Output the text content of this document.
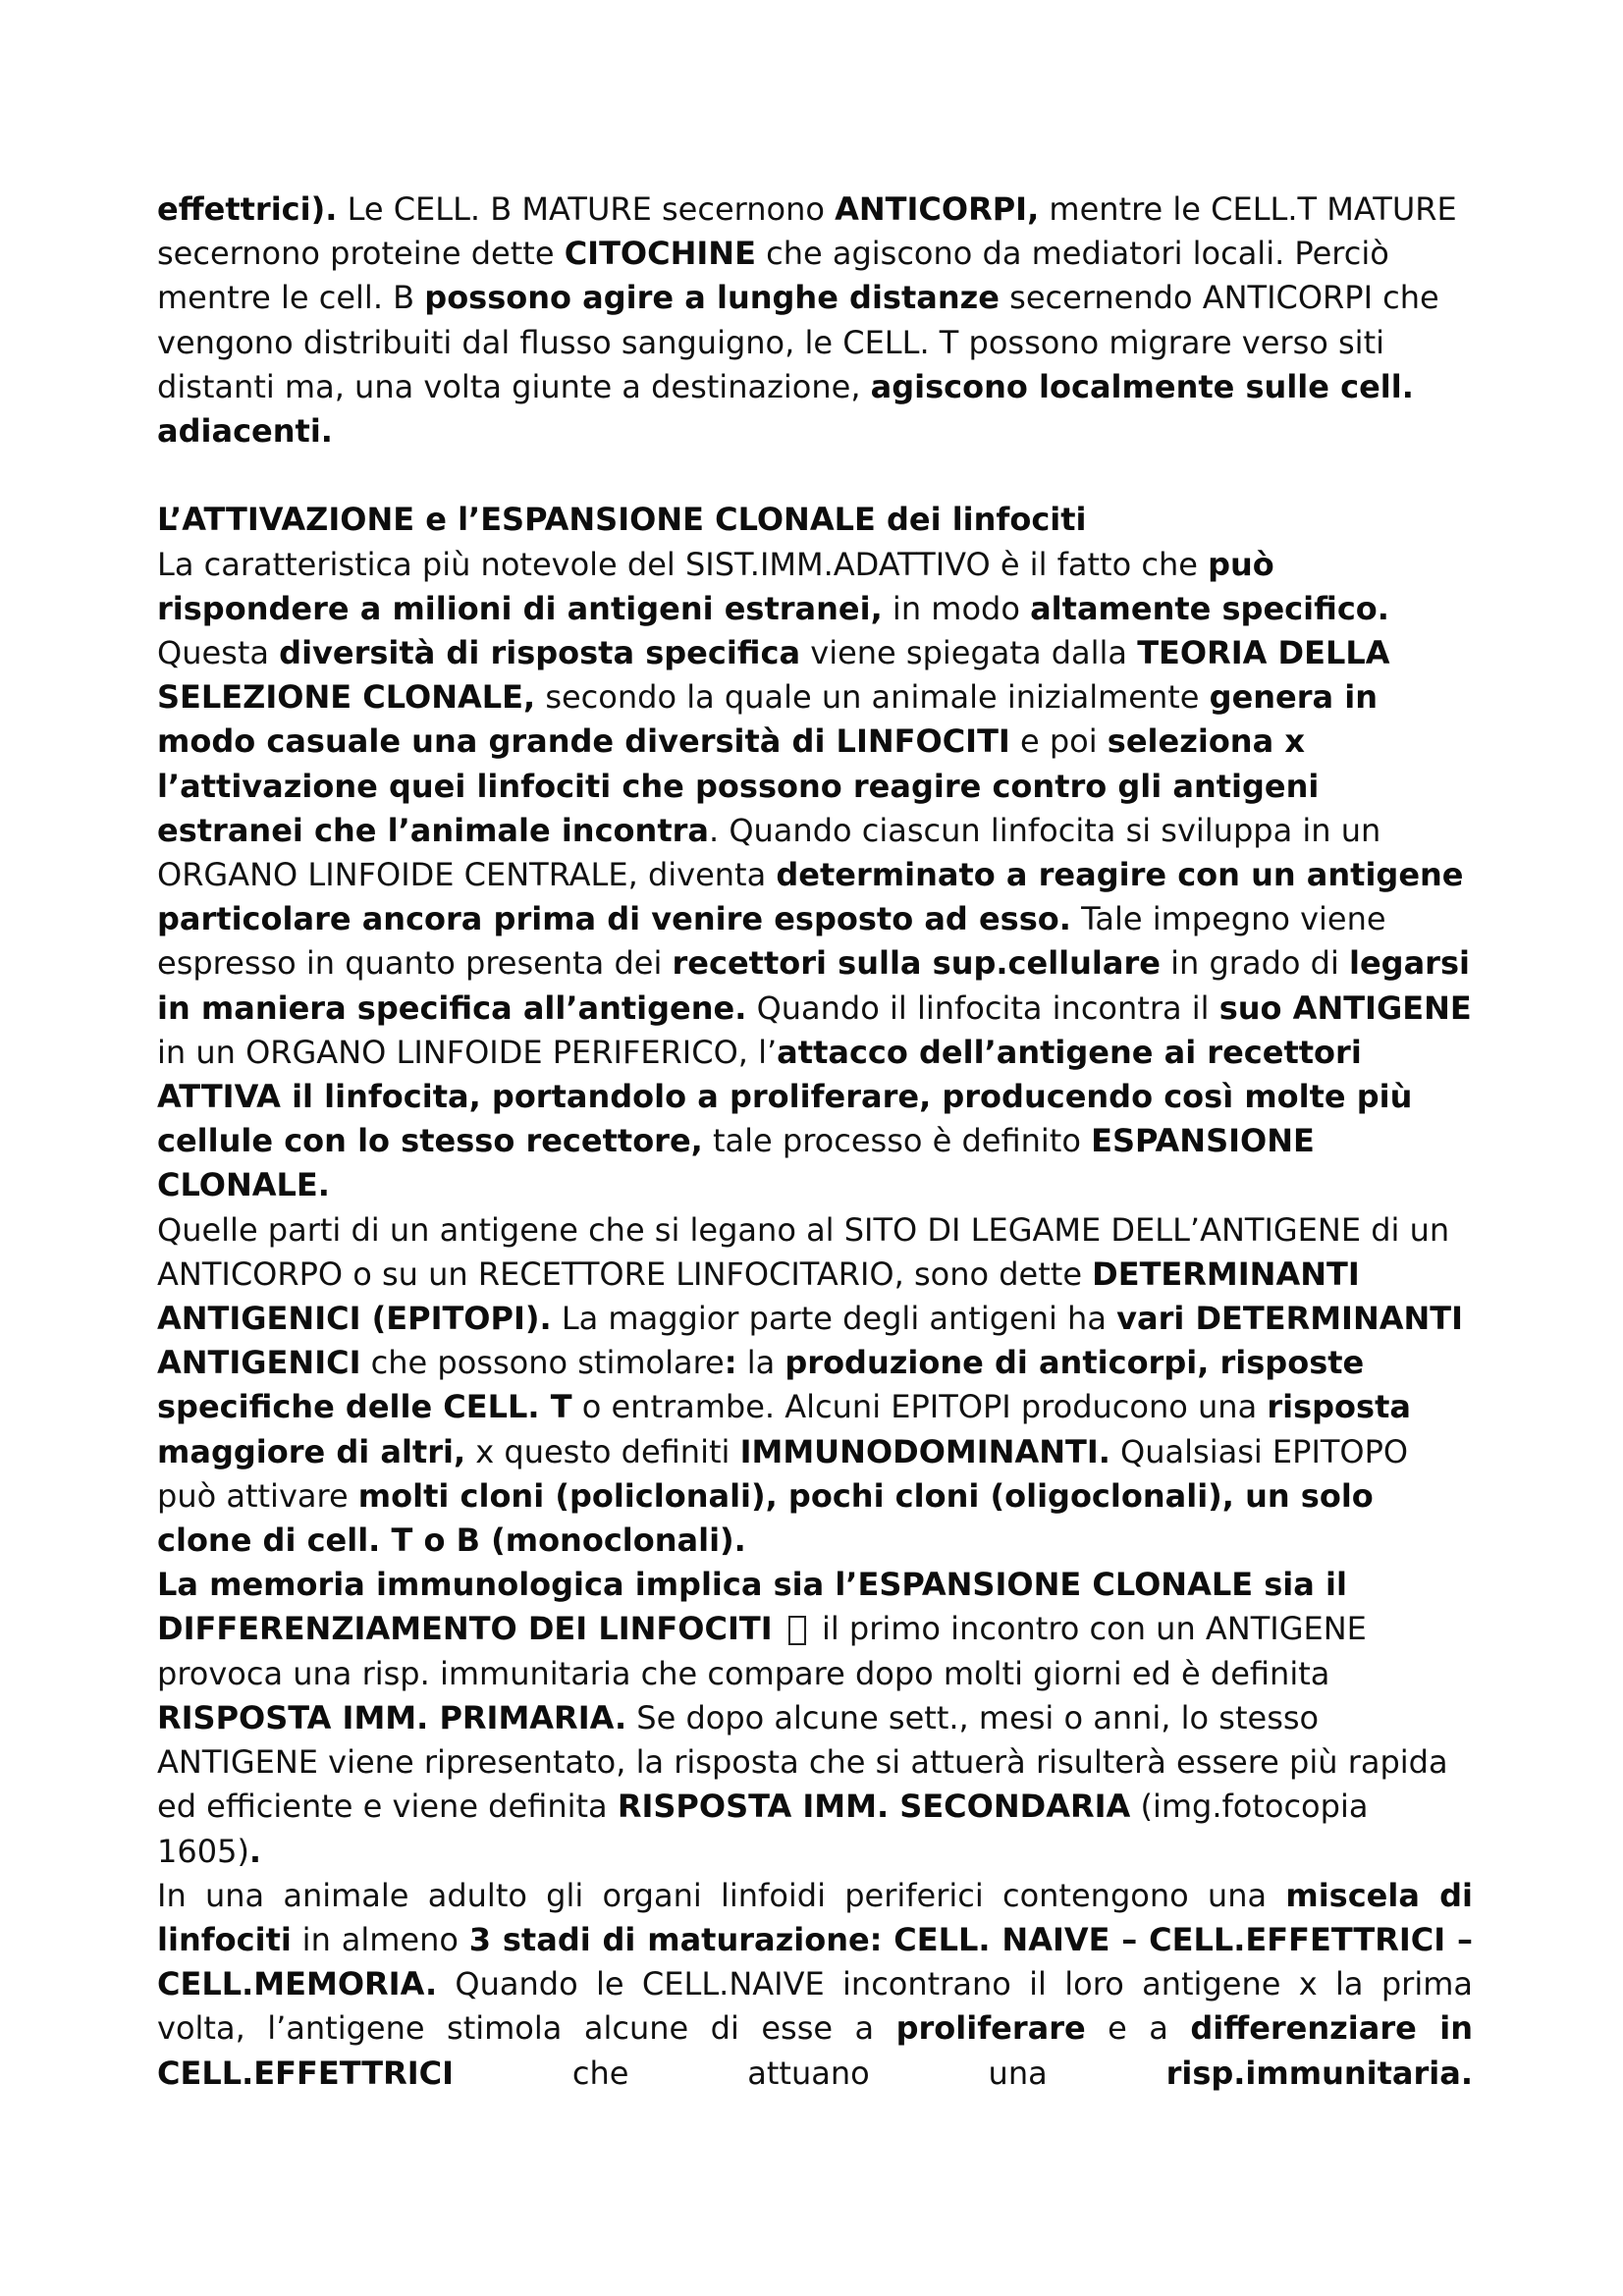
effettrici). Le CELL. B MATURE secernono ANTICORPI, mentre le CELL.T MATURE secernono proteine dette CITOCHINE che agiscono da mediatori locali. Perciò mentre le cell. B possono agire a lunghe distanze secernendo ANTICORPI che vengono distribuiti dal flusso sanguigno, le CELL. T possono migrare verso siti distanti ma, una volta giunte a destinazione, agiscono localmente sulle cell. adiacenti.

L’ATTIVAZIONE e l’ESPANSIONE CLONALE dei linfociti

La caratteristica più notevole del SIST.IMM.ADATTIVO è il fatto che può rispondere a milioni di antigeni estranei, in modo altamente specifico. Questa diversità di risposta specifica viene spiegata dalla TEORIA DELLA SELEZIONE CLONALE, secondo la quale un animale inizialmente genera in modo casuale una grande diversità di LINFOCITI e poi seleziona x l’attivazione quei linfociti che possono reagire contro gli antigeni estranei che l’animale incontra. Quando ciascun linfocita si sviluppa in un ORGANO LINFOIDE CENTRALE, diventa determinato a reagire con un antigene particolare ancora prima di venire esposto ad esso. Tale impegno viene espresso in quanto presenta dei recettori sulla sup.cellulare in grado di legarsi in maniera specifica all’antigene. Quando il linfocita incontra il suo ANTIGENE in un ORGANO LINFOIDE PERIFERICO, l’attacco dell’antigene ai recettori ATTIVA il linfocita, portandolo a proliferare, producendo così molte più cellule con lo stesso recettore, tale processo è definito ESPANSIONE CLONALE.

Quelle parti di un antigene che si legano al SITO DI LEGAME DELL’ANTIGENE di un ANTICORPO o su un RECETTORE LINFOCITARIO, sono dette DETERMINANTI ANTIGENICI (EPITOPI). La maggior parte degli antigeni ha vari DETERMINANTI ANTIGENICI che possono stimolare: la produzione di anticorpi, risposte specifiche delle CELL. T o entrambe. Alcuni EPITOPI producono una risposta maggiore di altri, x questo definiti IMMUNODOMINANTI. Qualsiasi EPITOPO può attivare molti cloni (policlonali), pochi cloni (oligoclonali), un solo clone di cell. T o B (monoclonali).

La memoria immunologica implica sia l’ESPANSIONE CLONALE sia il DIFFERENZIAMENTO DEI LINFOCITI  il primo incontro con un ANTIGENE provoca una risp. immunitaria che compare dopo molti giorni ed è definita RISPOSTA IMM. PRIMARIA. Se dopo alcune sett., mesi o anni, lo stesso ANTIGENE viene ripresentato, la risposta che si attuerà risulterà essere più rapida ed efficiente e viene definita RISPOSTA IMM. SECONDARIA (img.fotocopia 1605).

In una animale adulto gli organi linfoidi periferici contengono una miscela di linfociti in almeno 3 stadi di maturazione: CELL. NAIVE – CELL.EFFETTRICI – CELL.MEMORIA. Quando le CELL.NAIVE incontrano il loro antigene x la prima volta, l’antigene stimola alcune di esse a proliferare e a differenziare in CELL.EFFETTRICI che attuano una risp.immunitaria.
